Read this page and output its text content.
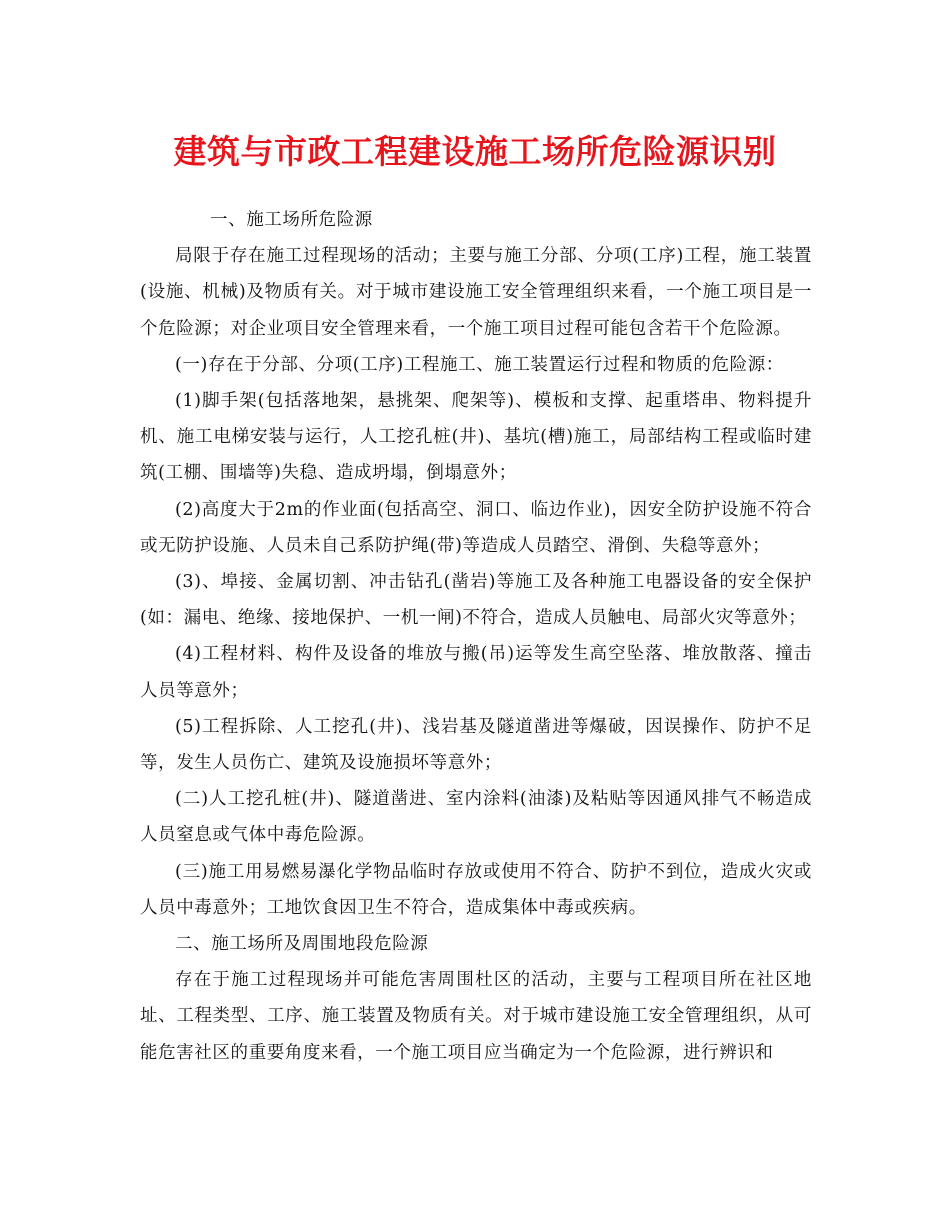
建筑与市政工程建设施工场所危险源识别

一、施工场所危险源

局限于存在施工过程现场的活动；主要与施工分部、分项(工序)工程，施工装置(设施、机械)及物质有关。对于城市建设施工安全管理组织来看，一个施工项目是一个危险源；对企业项目安全管理来看，一个施工项目过程可能包含若干个危险源。

(一)存在于分部、分项(工序)工程施工、施工装置运行过程和物质的危险源：

(1)脚手架(包括落地架，悬挑架、爬架等)、模板和支撑、起重塔串、物料提升机、施工电梯安装与运行，人工挖孔桩(井)、基坑(槽)施工，局部结构工程或临时建筑(工棚、围墙等)失稳、造成坍塌，倒塌意外；

(2)高度大于2m的作业面(包括高空、洞口、临边作业)，因安全防护设施不符合或无防护设施、人员未自己系防护绳(带)等造成人员踏空、滑倒、失稳等意外；

(3)、埠接、金属切割、冲击钻孔(凿岩)等施工及各种施工电器设备的安全保护(如：漏电、绝缘、接地保护、一机一闸)不符合，造成人员触电、局部火灾等意外；

(4)工程材料、构件及设备的堆放与搬(吊)运等发生高空坠落、堆放散落、撞击人员等意外；

(5)工程拆除、人工挖孔(井)、浅岩基及隧道凿进等爆破，因误操作、防护不足等，发生人员伤亡、建筑及设施损坏等意外；

(二)人工挖孔桩(井)、隧道凿进、室内涂料(油漆)及粘贴等因通风排气不畅造成人员窒息或气体中毒危险源。

(三)施工用易燃易瀑化学物品临时存放或使用不符合、防护不到位，造成火灾或人员中毒意外；工地饮食因卫生不符合，造成集体中毒或疾病。

二、施工场所及周围地段危险源

存在于施工过程现场并可能危害周围杜区的活动，主要与工程项目所在社区地址、工程类型、工序、施工装置及物质有关。对于城市建设施工安全管理组织，从可能危害社区的重要角度来看，一个施工项目应当确定为一个危险源，进行辨识和
